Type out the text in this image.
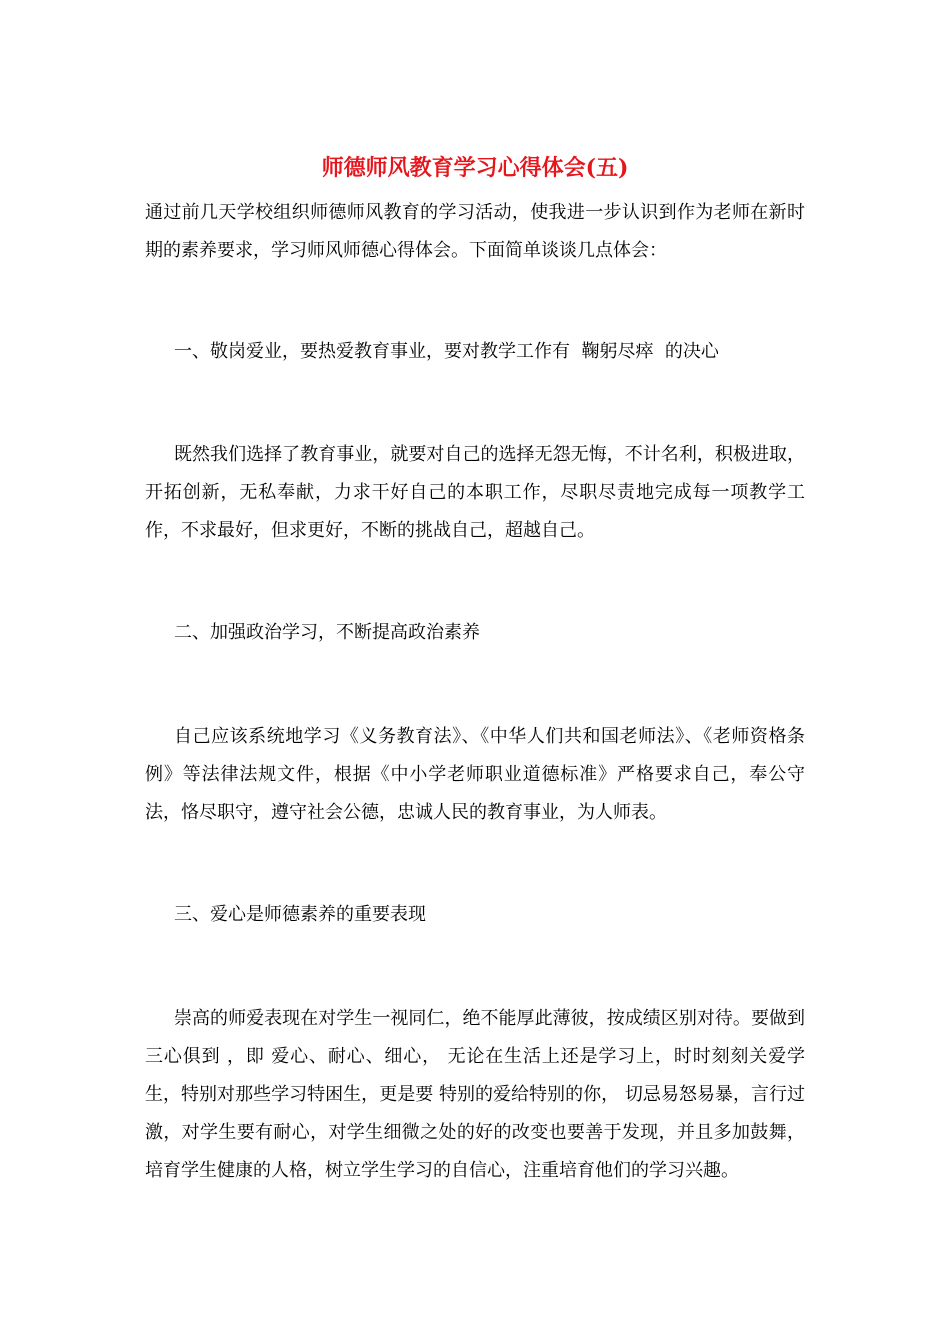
师德师风教育学习心得体会(五)

通过前几天学校组织师德师风教育的学习活动，使我进一步认识到作为老师在新时期的素养要求，学习师风师德心得体会。下面简单谈谈几点体会：

一、敬岗爱业，要热爱教育事业，要对教学工作有  鞠躬尽瘁  的决心

既然我们选择了教育事业，就要对自己的选择无怨无悔，不计名利，积极进取，开拓创新，无私奉献，力求干好自己的本职工作，尽职尽责地完成每一项教学工作，不求最好，但求更好，不断的挑战自己，超越自己。

二、加强政治学习，不断提高政治素养

自己应该系统地学习《义务教育法》、《中华人们共和国老师法》、《老师资格条例》等法律法规文件，根据《中小学老师职业道德标准》严格要求自己，奉公守法，恪尽职守，遵守社会公德，忠诚人民的教育事业，为人师表。

三、爱心是师德素养的重要表现

崇高的师爱表现在对学生一视同仁，绝不能厚此薄彼，按成绩区别对待。要做到 三心俱到 ，即 爱心、耐心、细心， 无论在生活上还是学习上，时时刻刻关爱学生，特别对那些学习特困生，更是要 特别的爱给特别的你， 切忌易怒易暴，言行过激，对学生要有耐心，对学生细微之处的好的改变也要善于发现，并且多加鼓舞，培育学生健康的人格，树立学生学习的自信心，注重培育他们的学习兴趣。
